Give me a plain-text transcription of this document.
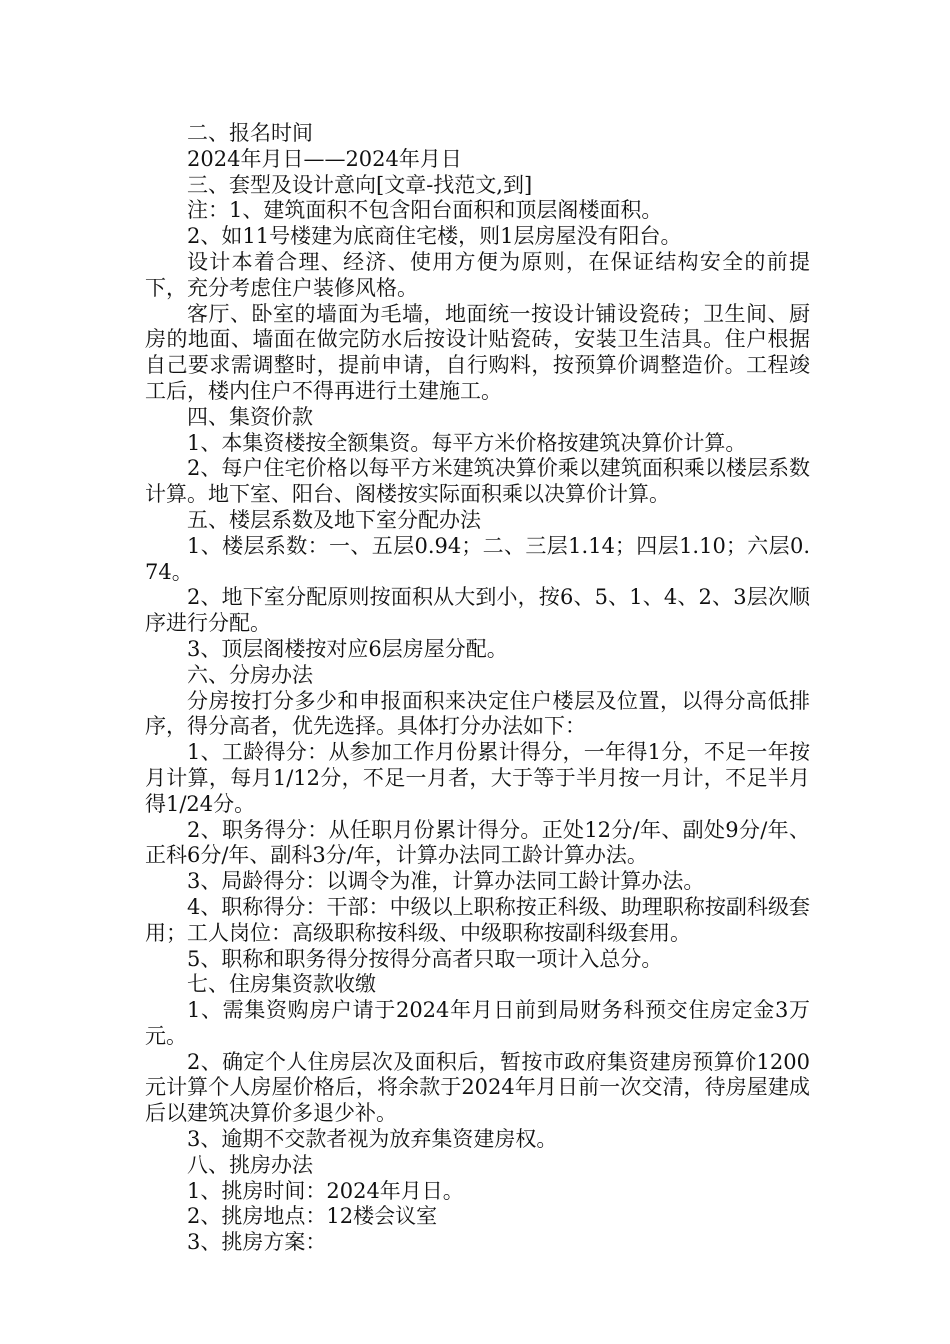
二、报名时间

2024年月日——2024年月日

三、套型及设计意向[文章-找范文,到]

注：1、建筑面积不包含阳台面积和顶层阁楼面积。

2、如11号楼建为底商住宅楼，则1层房屋没有阳台。

设计本着合理、经济、使用方便为原则，在保证结构安全的前提下，充分考虑住户装修风格。

客厅、卧室的墙面为毛墙，地面统一按设计铺设瓷砖；卫生间、厨房的地面、墙面在做完防水后按设计贴瓷砖，安装卫生洁具。住户根据自己要求需调整时，提前申请，自行购料，按预算价调整造价。工程竣工后，楼内住户不得再进行土建施工。

四、集资价款

1、本集资楼按全额集资。每平方米价格按建筑决算价计算。

2、每户住宅价格以每平方米建筑决算价乘以建筑面积乘以楼层系数计算。地下室、阳台、阁楼按实际面积乘以决算价计算。

五、楼层系数及地下室分配办法

1、楼层系数：一、五层0.94；二、三层1.14；四层1.10；六层0.74。

2、地下室分配原则按面积从大到小，按6、5、1、4、2、3层次顺序进行分配。

3、顶层阁楼按对应6层房屋分配。

六、分房办法

分房按打分多少和申报面积来决定住户楼层及位置，以得分高低排序，得分高者，优先选择。具体打分办法如下：

1、工龄得分：从参加工作月份累计得分，一年得1分，不足一年按月计算，每月1/12分，不足一月者，大于等于半月按一月计，不足半月得1/24分。

2、职务得分：从任职月份累计得分。正处12分/年、副处9分/年、正科6分/年、副科3分/年，计算办法同工龄计算办法。

3、局龄得分：以调令为准，计算办法同工龄计算办法。

4、职称得分：干部：中级以上职称按正科级、助理职称按副科级套用；工人岗位：高级职称按科级、中级职称按副科级套用。

5、职称和职务得分按得分高者只取一项计入总分。

七、住房集资款收缴

1、需集资购房户请于2024年月日前到局财务科预交住房定金3万元。

2、确定个人住房层次及面积后，暂按市政府集资建房预算价1200元计算个人房屋价格后，将余款于2024年月日前一次交清，待房屋建成后以建筑决算价多退少补。

3、逾期不交款者视为放弃集资建房权。

八、挑房办法

1、挑房时间：2024年月日。

2、挑房地点：12楼会议室

3、挑房方案：
